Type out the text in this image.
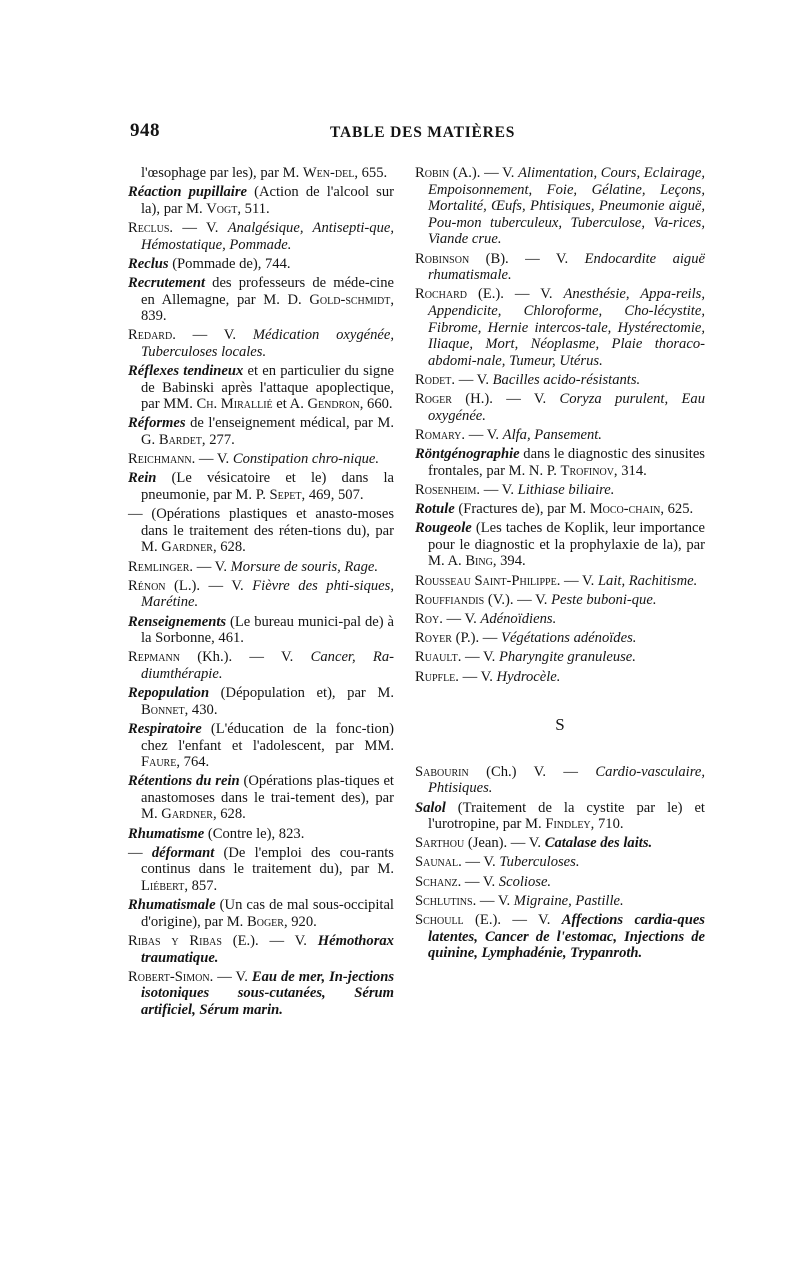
948	TABLE DES MATIÈRES

l'œsophage par les), par M. Wen-del, 655.

Réaction pupillaire (Action de l'alcool sur la), par M. Vogt, 511.

Reclus. — V. Analgésique, Antisepti-que, Hémostatique, Pommade.

Reclus (Pommade de), 744.

Recrutement des professeurs de méde-cine en Allemagne, par M. D. Gold-schmidt, 839.

Redard. — V. Médication oxygénée, Tuberculoses locales.

Réflexes tendineux et en particulier du signe de Babinski après l'attaque apoplectique, par MM. Ch. Mirallié et A. Gendron, 660.

Réformes de l'enseignement médical, par M. G. Bardet, 277.

Reichmann. — V. Constipation chro-nique.

Rein (Le vésicatoire et le) dans la pneumonie, par M. P. Sepet, 469, 507.

— (Opérations plastiques et anasto-moses dans le traitement des réten-tions du), par M. Gardner, 628.

Remlinger. — V. Morsure de souris, Rage.

Rénon (L.). — V. Fièvre des phti-siques, Marétine.

Renseignements (Le bureau munici-pal de) à la Sorbonne, 461.

Repmann (Kh.). — V. Cancer, Ra-diumthérapie.

Repopulation (Dépopulation et), par M. Bonnet, 430.

Respiratoire (L'éducation de la fonc-tion) chez l'enfant et l'adolescent, par MM. Faure, 764.

Rétentions du rein (Opérations plas-tiques et anastomoses dans le trai-tement des), par M. Gardner, 628.

Rhumatisme (Contre le), 823.

— déformant (De l'emploi des cou-rants continus dans le traitement du), par M. Liébert, 857.

Rhumatismale (Un cas de mal sous-occipital d'origine), par M. Boger, 920.

Ribas y Ribas (E.). — V. Hémothorax traumatique.

Robert-Simon. — V. Eau de mer, In-jections isotoniques sous-cutanées, Sérum artificiel, Sérum marin.

Robin (A.). — V. Alimentation, Cours, Eclairage, Empoisonnement, Foie, Gélatine, Leçons, Mortalité, Œufs, Phtisiques, Pneumonie aiguë, Pou-mon tuberculeux, Tuberculose, Va-rices, Viande crue.

Robinson (B). — V. Endocardite aiguë rhumatismale.

Rochard (E.). — V. Anesthésie, Appa-reils, Appendicite, Chloroforme, Cho-lécystite, Fibrome, Hernie intercos-tale, Hystérectomie, Iliaque, Mort, Néoplasme, Plaie thoraco-abdomi-nale, Tumeur, Utérus.

Rodet. — V. Bacilles acido-résistants.

Roger (H.). — V. Coryza purulent, Eau oxygénée.

Romary. — V. Alfa, Pansement.

Röntgénographie dans le diagnostic des sinusites frontales, par M. N. P. Trofinov, 314.

Rosenheim. — V. Lithiase biliaire.

Rotule (Fractures de), par M. Moco-chain, 625.

Rougeole (Les taches de Koplik, leur importance pour le diagnostic et la prophylaxie de la), par M. A. Bing, 394.

Rousseau Saint-Philippe. — V. Lait, Rachitisme.

Rouffiandis (V.). — V. Peste buboni-que.

Roy. — V. Adénoïdiens.

Royer (P.). — Végétations adénoïdes.

Ruault. — V. Pharyngite granuleuse.

Rupfle. — V. Hydrocèle.

S

Sabourin (Ch.) V. — Cardio-vasculaire, Phtisiques.

Salol (Traitement de la cystite par le) et l'urotropine, par M. Findley, 710.

Sarthou (Jean). — V. Catalase des laits.

Saunal. — V. Tuberculoses.

Schanz. — V. Scoliose.

Schlutins. — V. Migraine, Pastille.

Schoull (E.). — V. Affections cardia-ques latentes, Cancer de l'estomac, Injections de quinine, Lymphadénie, Trypanroth.
